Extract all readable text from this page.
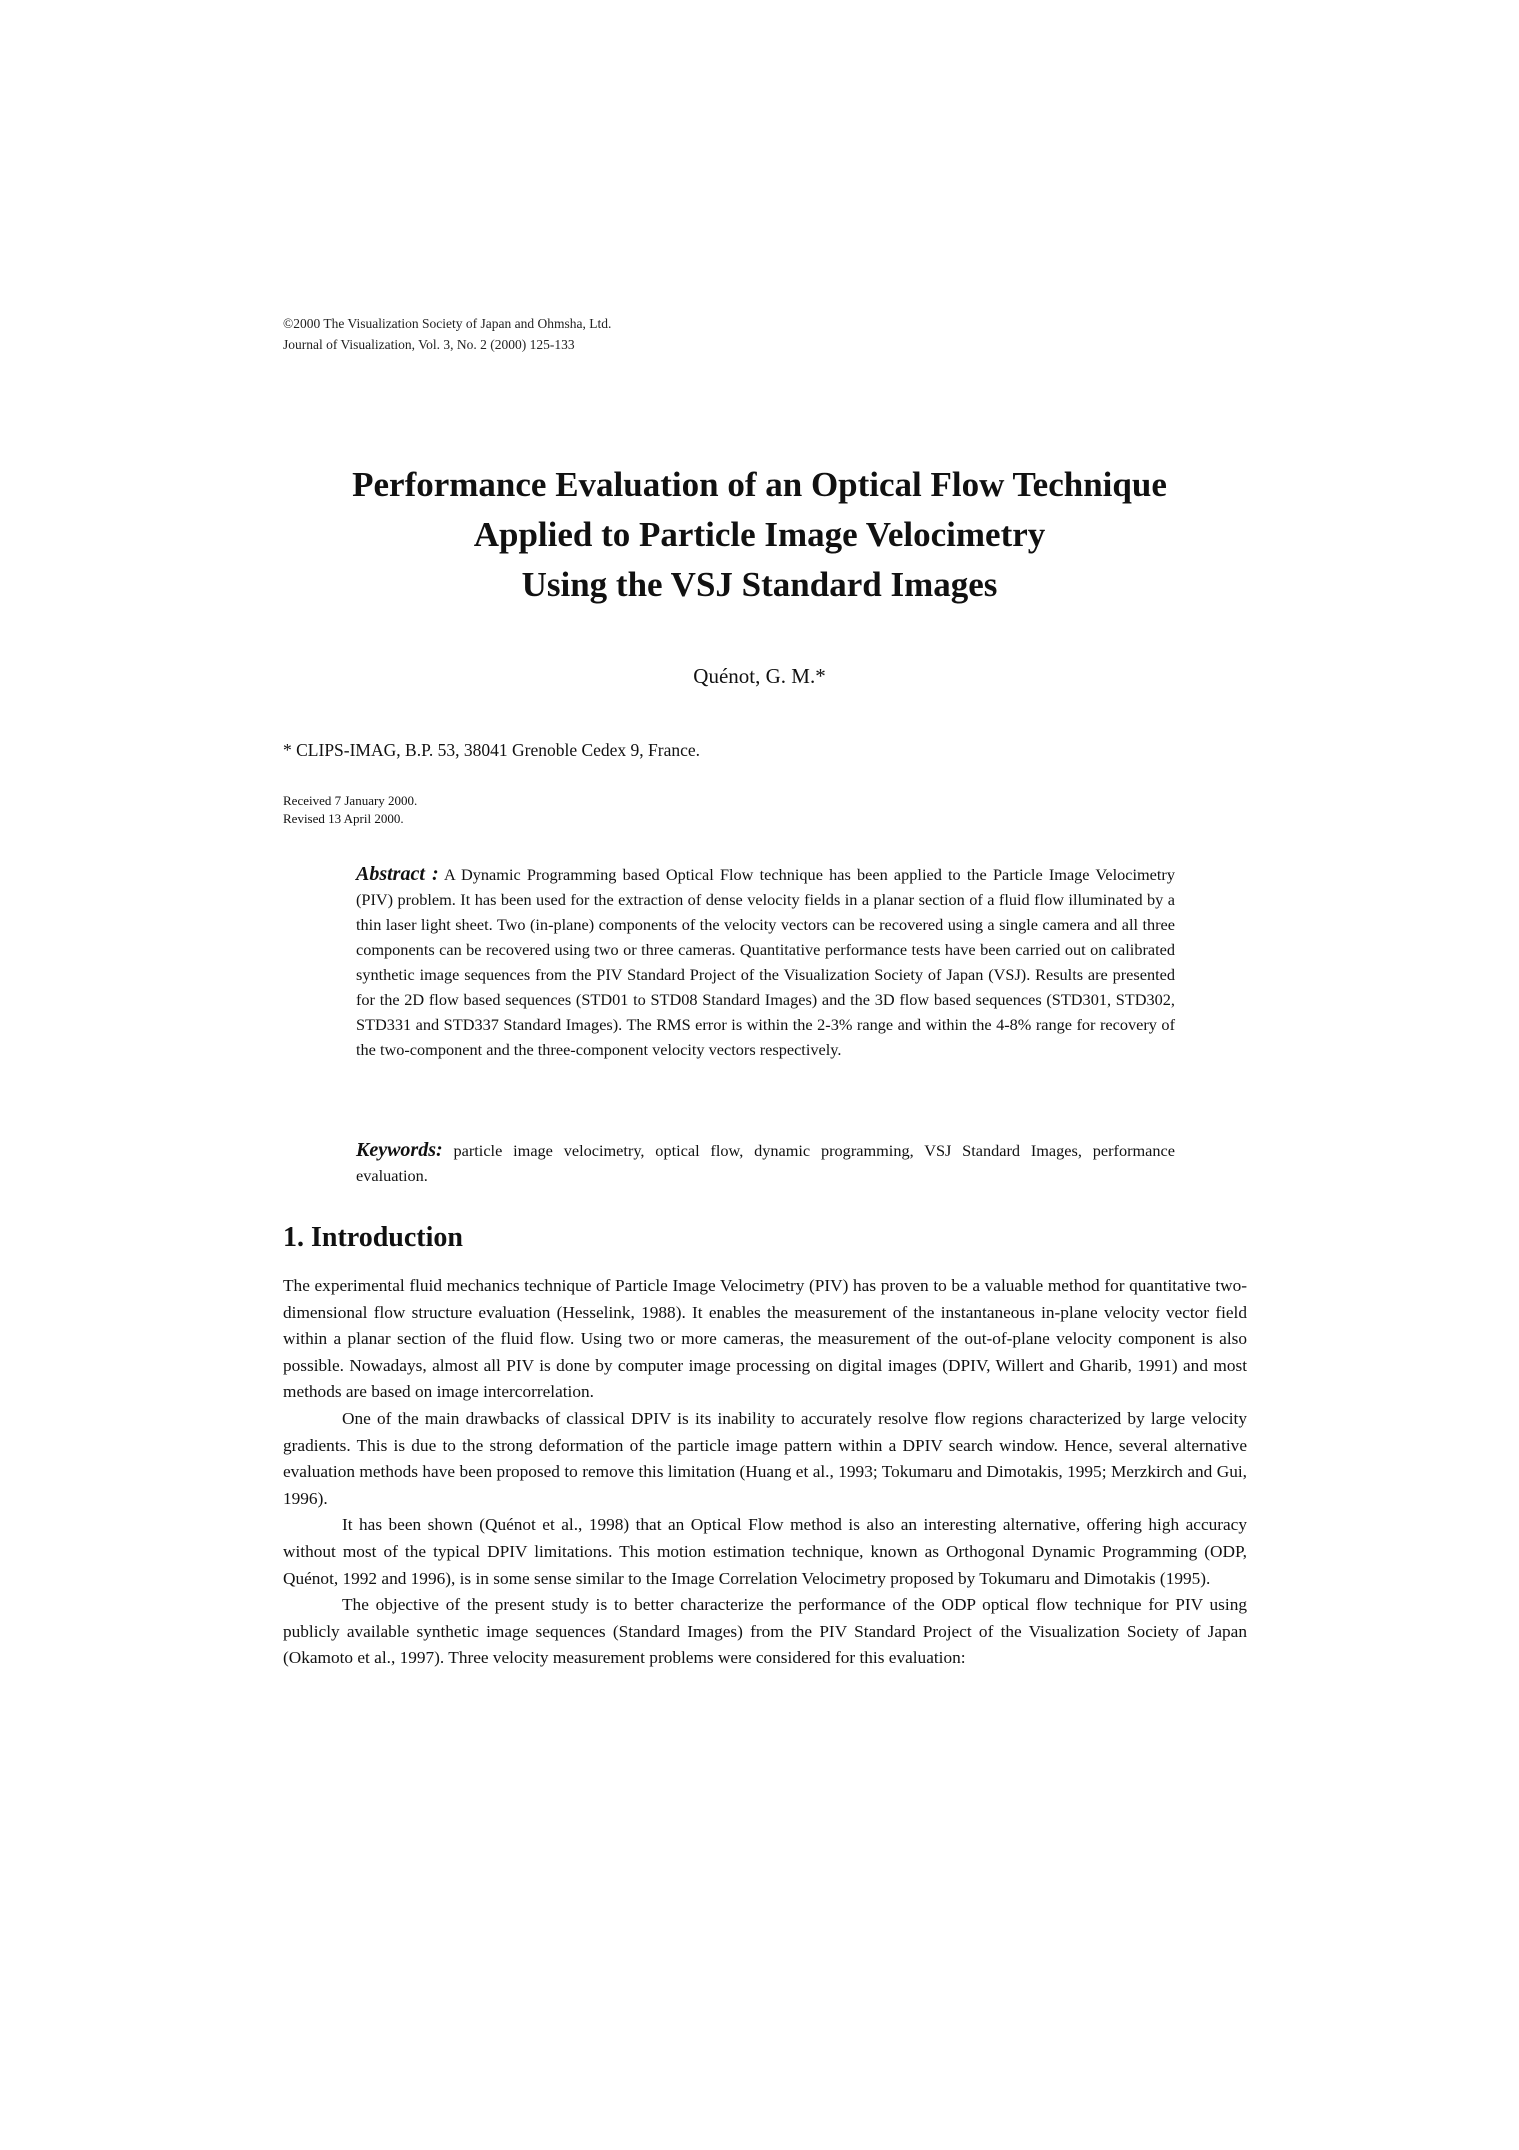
©2000 The Visualization Society of Japan and Ohmsha, Ltd.
Journal of Visualization, Vol. 3, No. 2 (2000) 125-133
Performance Evaluation of an Optical Flow Technique
Applied to Particle Image Velocimetry
Using the VSJ Standard Images
Quénot, G. M.*
* CLIPS-IMAG, B.P. 53, 38041 Grenoble Cedex 9, France.
Received 7 January 2000.
Revised 13 April 2000.
Abstract : A Dynamic Programming based Optical Flow technique has been applied to the Particle Image Velocimetry (PIV) problem. It has been used for the extraction of dense velocity fields in a planar section of a fluid flow illuminated by a thin laser light sheet. Two (in-plane) components of the velocity vectors can be recovered using a single camera and all three components can be recovered using two or three cameras. Quantitative performance tests have been carried out on calibrated synthetic image sequences from the PIV Standard Project of the Visualization Society of Japan (VSJ). Results are presented for the 2D flow based sequences (STD01 to STD08 Standard Images) and the 3D flow based sequences (STD301, STD302, STD331 and STD337 Standard Images). The RMS error is within the 2-3% range and within the 4-8% range for recovery of the two-component and the three-component velocity vectors respectively.
Keywords: particle image velocimetry, optical flow, dynamic programming, VSJ Standard Images, performance evaluation.
1. Introduction

The experimental fluid mechanics technique of Particle Image Velocimetry (PIV) has proven to be a valuable method for quantitative two-dimensional flow structure evaluation (Hesselink, 1988). It enables the measurement of the instantaneous in-plane velocity vector field within a planar section of the fluid flow. Using two or more cameras, the measurement of the out-of-plane velocity component is also possible. Nowadays, almost all PIV is done by computer image processing on digital images (DPIV, Willert and Gharib, 1991) and most methods are based on image intercorrelation.

One of the main drawbacks of classical DPIV is its inability to accurately resolve flow regions characterized by large velocity gradients. This is due to the strong deformation of the particle image pattern within a DPIV search window. Hence, several alternative evaluation methods have been proposed to remove this limitation (Huang et al., 1993; Tokumaru and Dimotakis, 1995; Merzkirch and Gui, 1996).

It has been shown (Quénot et al., 1998) that an Optical Flow method is also an interesting alternative, offering high accuracy without most of the typical DPIV limitations. This motion estimation technique, known as Orthogonal Dynamic Programming (ODP, Quénot, 1992 and 1996), is in some sense similar to the Image Correlation Velocimetry proposed by Tokumaru and Dimotakis (1995).

The objective of the present study is to better characterize the performance of the ODP optical flow technique for PIV using publicly available synthetic image sequences (Standard Images) from the PIV Standard Project of the Visualization Society of Japan (Okamoto et al., 1997). Three velocity measurement problems were considered for this evaluation:
